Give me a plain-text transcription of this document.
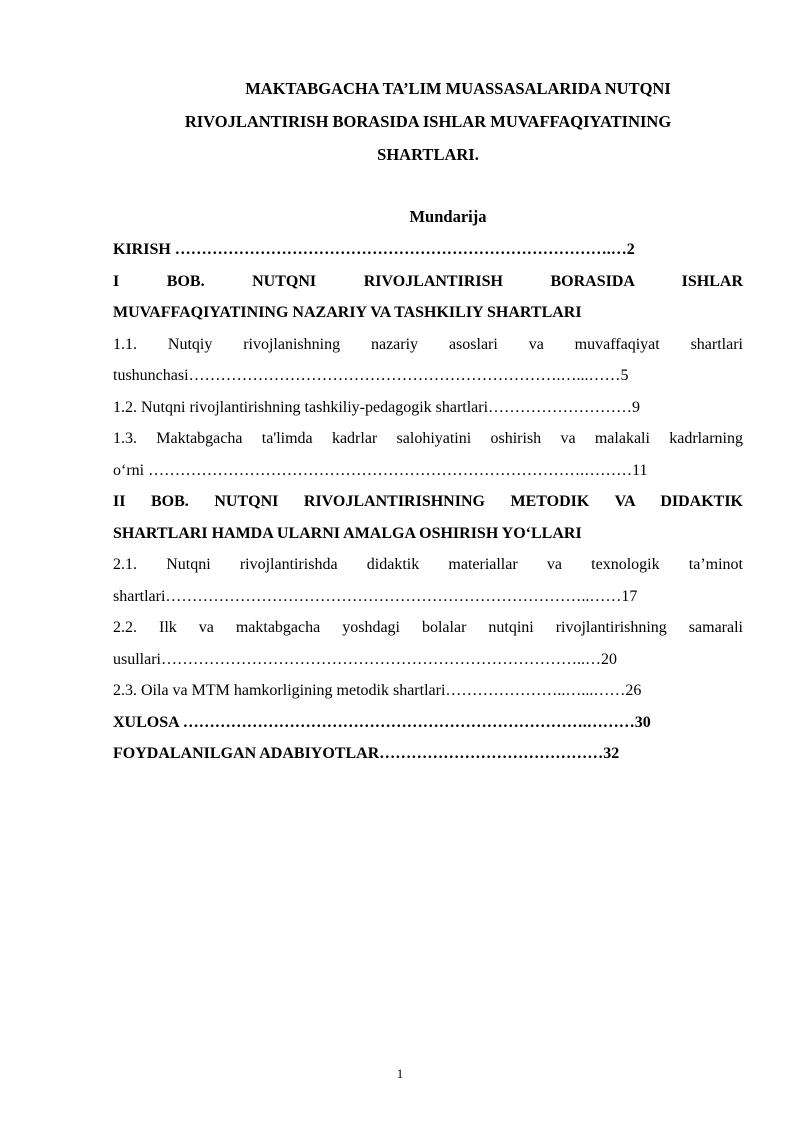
MAKTABGACHA TA’LIM MUASSASALARIDA NUTQNI
RIVOJLANTIRISH BORASIDA ISHLAR MUVAFFAQIYATINING
SHARTLARI.
Mundarija
KIRISH ……………………………………………………………………….…2
I BOB. NUTQNI RIVOJLANTIRISH BORASIDA ISHLAR
MUVAFFAQIYATINING NAZARIY VA TASHKILIY SHARTLARI
1.1. Nutqiy rivojlanishning nazariy asoslari va muvaffaqiyat shartlari
tushunchasi…………………………………………………………….…...……5
1.2. Nutqni rivojlantirishning tashkiliy-pedagogik shartlari………………………9
1.3. Maktabgacha ta'limda kadrlar salohiyatini oshirish va malakali kadrlarning
o‘rni ……………………………………………………………………….………11
II BOB. NUTQNI RIVOJLANTIRISHNING METODIK VA DIDAKTIK
SHARTLARI HAMDA ULARNI AMALGA OSHIRISH YO‘LLARI
2.1. Nutqni rivojlantirishda didaktik materiallar va texnologik ta’minot
shartlari……………………………………………………………………..……17
2.2. Ilk va maktabgacha yoshdagi bolalar nutqini rivojlantirishning samarali
usullari……………………………………………………………………..…20
2.3. Oila va MTM hamkorligining metodik shartlari…………………..…...……26
XULOSA ………………………………………………………………….………30
FOYDALANILGAN ADABIYOTLAR……………………………………32
1
